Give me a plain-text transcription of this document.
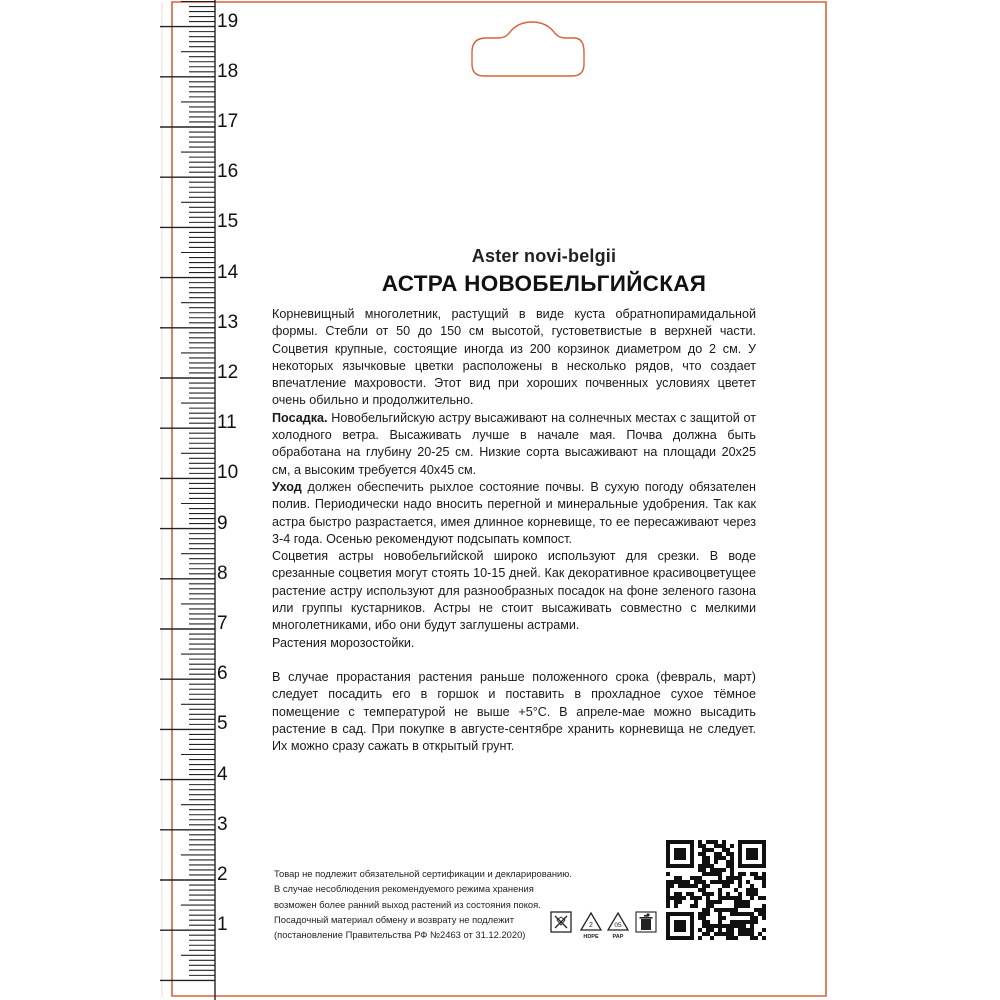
19
18
17
16
15
14
13
12
11
10
9
8
7
6
5
4
3
2
1
Aster novi-belgii
АСТРА НОВОБЕЛЬГИЙСКАЯ

Корневищный многолетник, растущий в виде куста обратнопирамидальной формы. Стебли от 50 до 150 см высотой, густоветвистые в верхней части. Соцветия крупные, состоящие иногда из 200 корзинок диаметром до 2 см. У некоторых язычковые цветки расположены в несколько рядов, что создает впечатление махровости. Этот вид при хороших почвенных условиях цветет очень обильно и продолжительно.

Посадка. Новобельгийскую астру высаживают на солнечных местах с защитой от холодного ветра. Высаживать лучше в начале мая. Почва должна быть обработана на глубину 20-25 см. Низкие сорта высаживают на площади 20х25 см, а высоким требуется 40х45 см.

Уход должен обеспечить рыхлое состояние почвы. В сухую погоду обязателен полив. Периодически надо вносить перегной и минеральные удобрения. Так как астра быстро разрастается, имея длинное корневище, то ее пересаживают через 3-4 года. Осенью рекомендуют подсыпать компост.

Соцветия астры новобельгийской широко используют для срезки. В воде срезанные соцветия могут стоять 10-15 дней. Как декоративное красивоцветущее растение астру используют для разнообразных посадок на фоне зеленого газона или группы кустарников. Астры не стоит высаживать совместно с мелкими многолетниками, ибо они будут заглушены астрами.

Растения морозостойки.

В случае прорастания растения раньше положенного срока (февраль, март) следует посадить его в горшок и поставить в прохладное сухое тёмное помещение с температурой не выше +5°C. В апреле-мае можно высадить растение в сад. При покупке в августе-сентябре хранить корневища не следует. Их можно сразу сажать в открытый грунт.

Товар не подлежит обязательной сертификации и декларированию.
В случае несоблюдения рекомендуемого режима хранения
возможен более ранний выход растений из состояния покоя.
Посадочный материал обмену и возврату не подлежит
(постановление Правительства РФ №2463 от 31.12.2020)
2
HDPE
05
PAP
